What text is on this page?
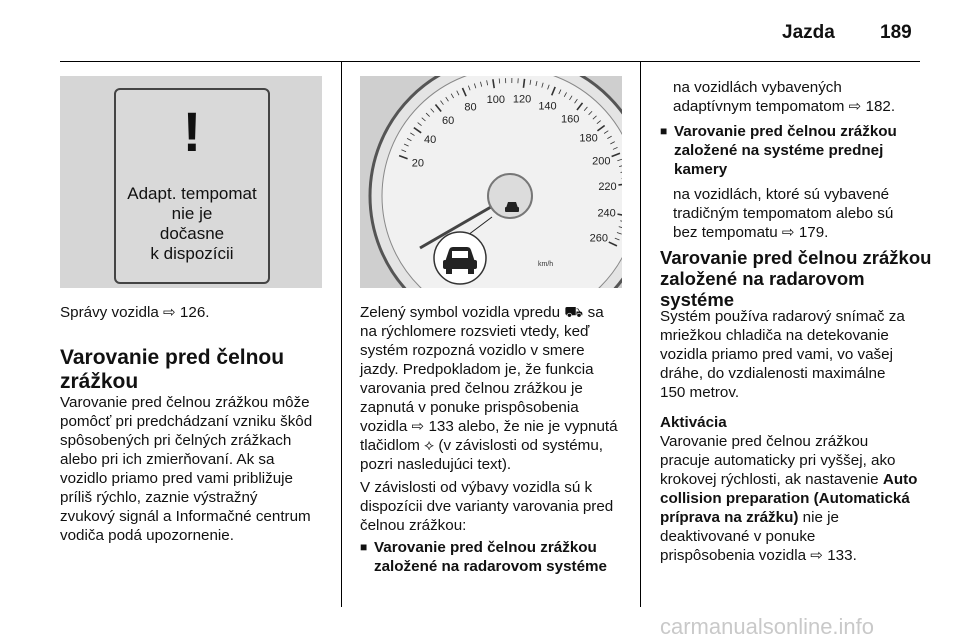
Jazda 189
!
Adapt. tempomat
nie je
dočasne
k dispozícii
Správy vozidla ⇨ 126.
Varovanie pred čelnou
zrážkou
Varovanie pred čelnou zrážkou môže
pomôcť pri predchádzaní vzniku škôd
spôsobených pri čelných zrážkach
alebo pri ich zmierňovaní. Ak sa
vozidlo priamo pred vami približuje
príliš rýchlo, zaznie výstražný
zvukový signál a Informačné centrum
vodiča podá upozornenie.
20
40
60
80
100 120
140
160
180
200
220
240
260
km/h
Zelený symbol vozidla vpredu ⛟ sa
na rýchlomere rozsvieti vtedy, keď
systém rozpozná vozidlo v smere
jazdy. Predpokladom je, že funkcia
varovania pred čelnou zrážkou je
zapnutá v ponuke prispôsobenia
vozidla ⇨ 133 alebo, že nie je vypnutá
tlačidlom ⟡ (v závislosti od systému,
pozri nasledujúci text).
V závislosti od výbavy vozidla sú k
dispozícii dve varianty varovania pred
čelnou zrážkou:
■ Varovanie pred čelnou zrážkou
založené na radarovom systéme
na vozidlách vybavených
adaptívnym tempomatom ⇨ 182.
■ Varovanie pred čelnou zrážkou
založené na systéme prednej
kamery
na vozidlách, ktoré sú vybavené
tradičným tempomatom alebo sú
bez tempomatu ⇨ 179.
Varovanie pred čelnou zrážkou
založené na radarovom
systéme
Systém používa radarový snímač za
mriežkou chladiča na detekovanie
vozidla priamo pred vami, vo vašej
dráhe, do vzdialenosti maximálne
150 metrov.
Aktivácia
Varovanie pred čelnou zrážkou
pracuje automaticky pri vyššej, ako
krokovej rýchlosti, ak nastavenie Auto
collision preparation (Automatická
príprava na zrážku) nie je
deaktivované v ponuke
prispôsobenia vozidla ⇨ 133.
carmanualsonline.info
